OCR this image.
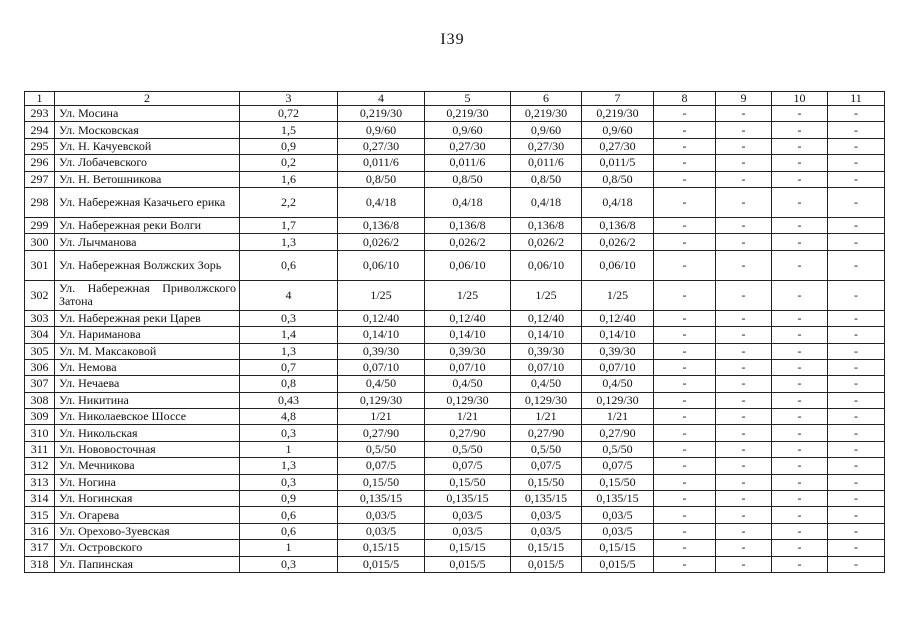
I39
1	2	3	4	5	6	7	8	9	10	11
293	Ул. Мосина	0,72	0,219/30	0,219/30	0,219/30	0,219/30	-	-	-	-
294	Ул. Московская	1,5	0,9/60	0,9/60	0,9/60	0,9/60	-	-	-	-
295	Ул. Н. Качуевской	0,9	0,27/30	0,27/30	0,27/30	0,27/30	-	-	-	-
296	Ул. Лобачевского	0,2	0,011/6	0,011/6	0,011/6	0,011/5	-	-	-	-
297	Ул. Н. Ветошникова	1,6	0,8/50	0,8/50	0,8/50	0,8/50	-	-	-	-
298	Ул. Набережная Казачьего ерика	2,2	0,4/18	0,4/18	0,4/18	0,4/18	-	-	-	-
299	Ул. Набережная реки Волги	1,7	0,136/8	0,136/8	0,136/8	0,136/8	-	-	-	-
300	Ул. Лычманова	1,3	0,026/2	0,026/2	0,026/2	0,026/2	-	-	-	-
301	Ул. Набережная Волжских Зорь	0,6	0,06/10	0,06/10	0,06/10	0,06/10	-	-	-	-
302	Ул. Набережная Приволжского Затона	4	1/25	1/25	1/25	1/25	-	-	-	-
303	Ул. Набережная реки Царев	0,3	0,12/40	0,12/40	0,12/40	0,12/40	-	-	-	-
304	Ул. Нариманова	1,4	0,14/10	0,14/10	0,14/10	0,14/10	-	-	-	-
305	Ул. М. Максаковой	1,3	0,39/30	0,39/30	0,39/30	0,39/30	-	-	-	-
306	Ул. Немова	0,7	0,07/10	0,07/10	0,07/10	0,07/10	-	-	-	-
307	Ул. Нечаева	0,8	0,4/50	0,4/50	0,4/50	0,4/50	-	-	-	-
308	Ул. Никитина	0,43	0,129/30	0,129/30	0,129/30	0,129/30	-	-	-	-
309	Ул. Николаевское Шоссе	4,8	1/21	1/21	1/21	1/21	-	-	-	-
310	Ул. Никольская	0,3	0,27/90	0,27/90	0,27/90	0,27/90	-	-	-	-
311	Ул. Нововосточная	1	0,5/50	0,5/50	0,5/50	0,5/50	-	-	-	-
312	Ул. Мечникова	1,3	0,07/5	0,07/5	0,07/5	0,07/5	-	-	-	-
313	Ул. Ногина	0,3	0,15/50	0,15/50	0,15/50	0,15/50	-	-	-	-
314	Ул. Ногинская	0,9	0,135/15	0,135/15	0,135/15	0,135/15	-	-	-	-
315	Ул. Огарева	0,6	0,03/5	0,03/5	0,03/5	0,03/5	-	-	-	-
316	Ул. Орехово-Зуевская	0,6	0,03/5	0,03/5	0,03/5	0,03/5	-	-	-	-
317	Ул. Островского	1	0,15/15	0,15/15	0,15/15	0,15/15	-	-	-	-
318	Ул. Папинская	0,3	0,015/5	0,015/5	0,015/5	0,015/5	-	-	-	-
